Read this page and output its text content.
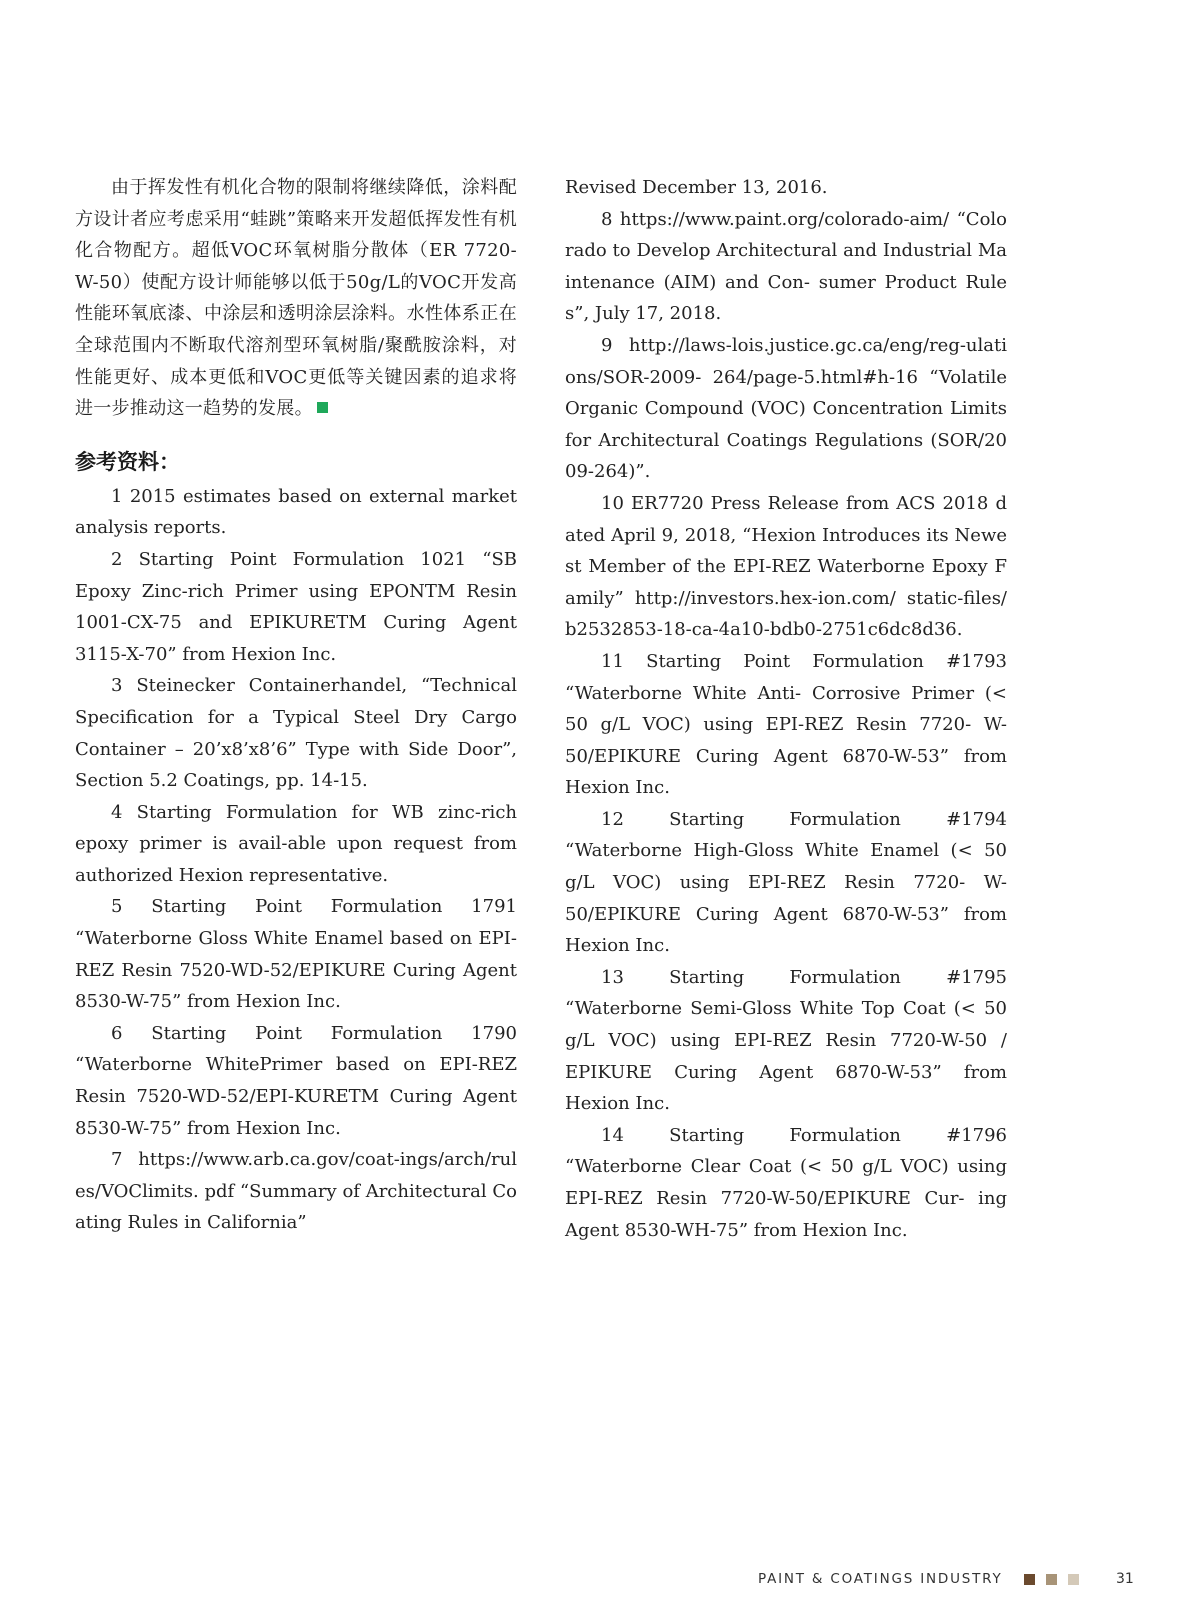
由于挥发性有机化合物的限制将继续降低，涂料配方设计者应考虑采用“蛙跳”策略来开发超低挥发性有机化合物配方。超低VOC环氧树脂分散体（ER 7720-W-50）使配方设计师能够以低于50g/L的VOC开发高性能环氧底漆、中涂层和透明涂层涂料。水性体系正在全球范围内不断取代溶剂型环氧树脂/聚酰胺涂料，对性能更好、成本更低和VOC更低等关键因素的追求将进一步推动这一趋势的发展。

参考资料：

1 2015 estimates based on external market analysis reports.

2 Starting Point Formulation 1021 “SB Epoxy Zinc-rich Primer using EPONTM Resin 1001-CX-75 and EPIKURETM Curing Agent 3115-X-70” from Hexion Inc.

3 Steinecker Containerhandel, “Technical Specification for a Typical Steel Dry Cargo Container – 20’x8’x8’6” Type with Side Door”, Section 5.2 Coatings, pp. 14-15.

4 Starting Formulation for WB zinc-rich epoxy primer is avail-able upon request from authorized Hexion representative.

5 Starting Point Formulation 1791 “Waterborne Gloss White Enamel based on EPI-REZ Resin 7520-WD-52/EPIKURE Curing Agent 8530-W-75” from Hexion Inc.

6 Starting Point Formulation 1790 “Waterborne WhitePrimer based on EPI-REZ Resin 7520-WD-52/EPI-KURETM Curing Agent 8530-W-75” from Hexion Inc.

7 https://www.arb.ca.gov/coat-ings/arch/rules/VOClimits. pdf “Summary of Architectural Coating Rules in California”

Revised December 13, 2016.

8 https://www.paint.org/colorado-aim/ “Colorado to Develop Architectural and Industrial Maintenance (AIM) and Con- sumer Product Rules”, July 17, 2018.

9 http://laws-lois.justice.gc.ca/eng/reg-ulations/SOR-2009- 264/page-5.html#h-16 “Volatile Organic Compound (VOC) Concentration Limits for Architectural Coatings Regulations (SOR/2009-264)”.

10 ER7720 Press Release from ACS 2018 dated April 9, 2018, “Hexion Introduces its Newest Member of the EPI-REZ Waterborne Epoxy Family” http://investors.hex-ion.com/ static-files/b2532853-18-ca-4a10-bdb0-2751c6dc8d36.

11 Starting Point Formulation #1793 “Waterborne White Anti- Corrosive Primer (< 50 g/L VOC) using EPI-REZ Resin 7720- W-50/EPIKURE Curing Agent 6870-W-53” from Hexion Inc.

12 Starting Formulation #1794 “Waterborne High-Gloss White Enamel (< 50 g/L VOC) using EPI-REZ Resin 7720- W-50/EPIKURE Curing Agent 6870-W-53” from Hexion Inc.

13 Starting Formulation #1795 “Waterborne Semi-Gloss White Top Coat (< 50 g/L VOC) using EPI-REZ Resin 7720-W-50 / EPIKURE Curing Agent 6870-W-53” from Hexion Inc.

14 Starting Formulation #1796 “Waterborne Clear Coat (< 50 g/L VOC) using EPI-REZ Resin 7720-W-50/EPIKURE Cur- ing Agent 8530-WH-75” from Hexion Inc.

PAINT & COATINGS INDUSTRY	31
